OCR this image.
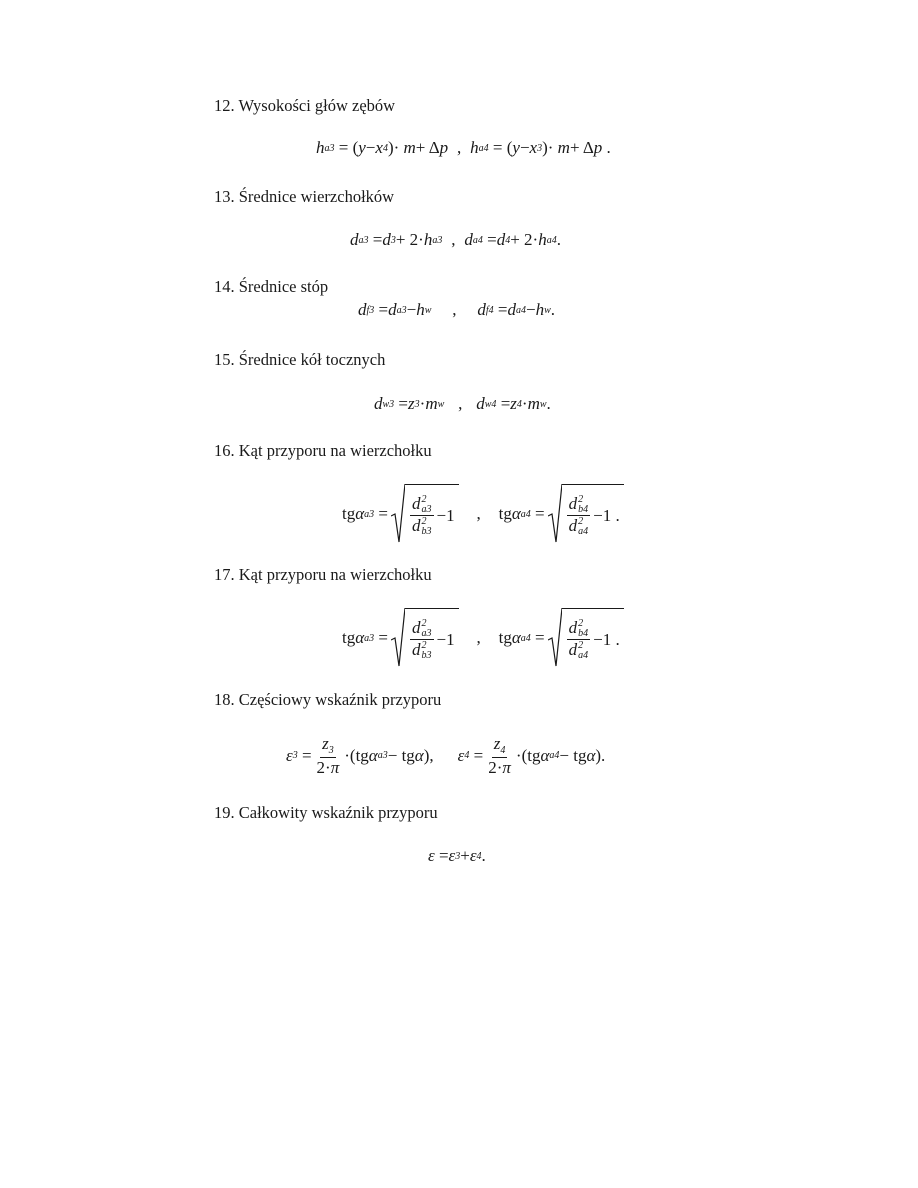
12. Wysokości głów zębów
h a3
= ( y − x 4 )· m + Δ p , h a4
= ( y − x 3 )· m + Δ p .
13. Średnice wierzchołków
d a3
= d 3 + 2· h a3 , d a4
= d 4 + 2· h a4 .
14. Średnice stóp
d f3
= d a3 − h w	,	d f4
= d a4 − h w .
15. Średnice kół tocznych
d w3
= z 3 · m w , d w4
= z 4 · m w .
16. Kąt przyporu na wierzchołku
tg α a3 = d 2
a3
d 2
b3 −1	,	tg α a4 = d 2
b4
d 2
a4 −1 .
17. Kąt przyporu na wierzchołku
tg α a3 = d 2
a3
d 2
b3 −1	,	tg α a4 = d 2
b4
d 2
a4 −1 .
18. Częściowy wskaźnik przyporu
ε $3 = \frac{z_3}{2\cdot\pi} \cdot(tg$ α a3 − tg α ), ε $4 = \frac{z_4}{2\cdot\pi} \cdot(tg$ α a4 − tg α ).
19. Całkowity wskaźnik przyporu
ε = ε 3 + ε 4 .
